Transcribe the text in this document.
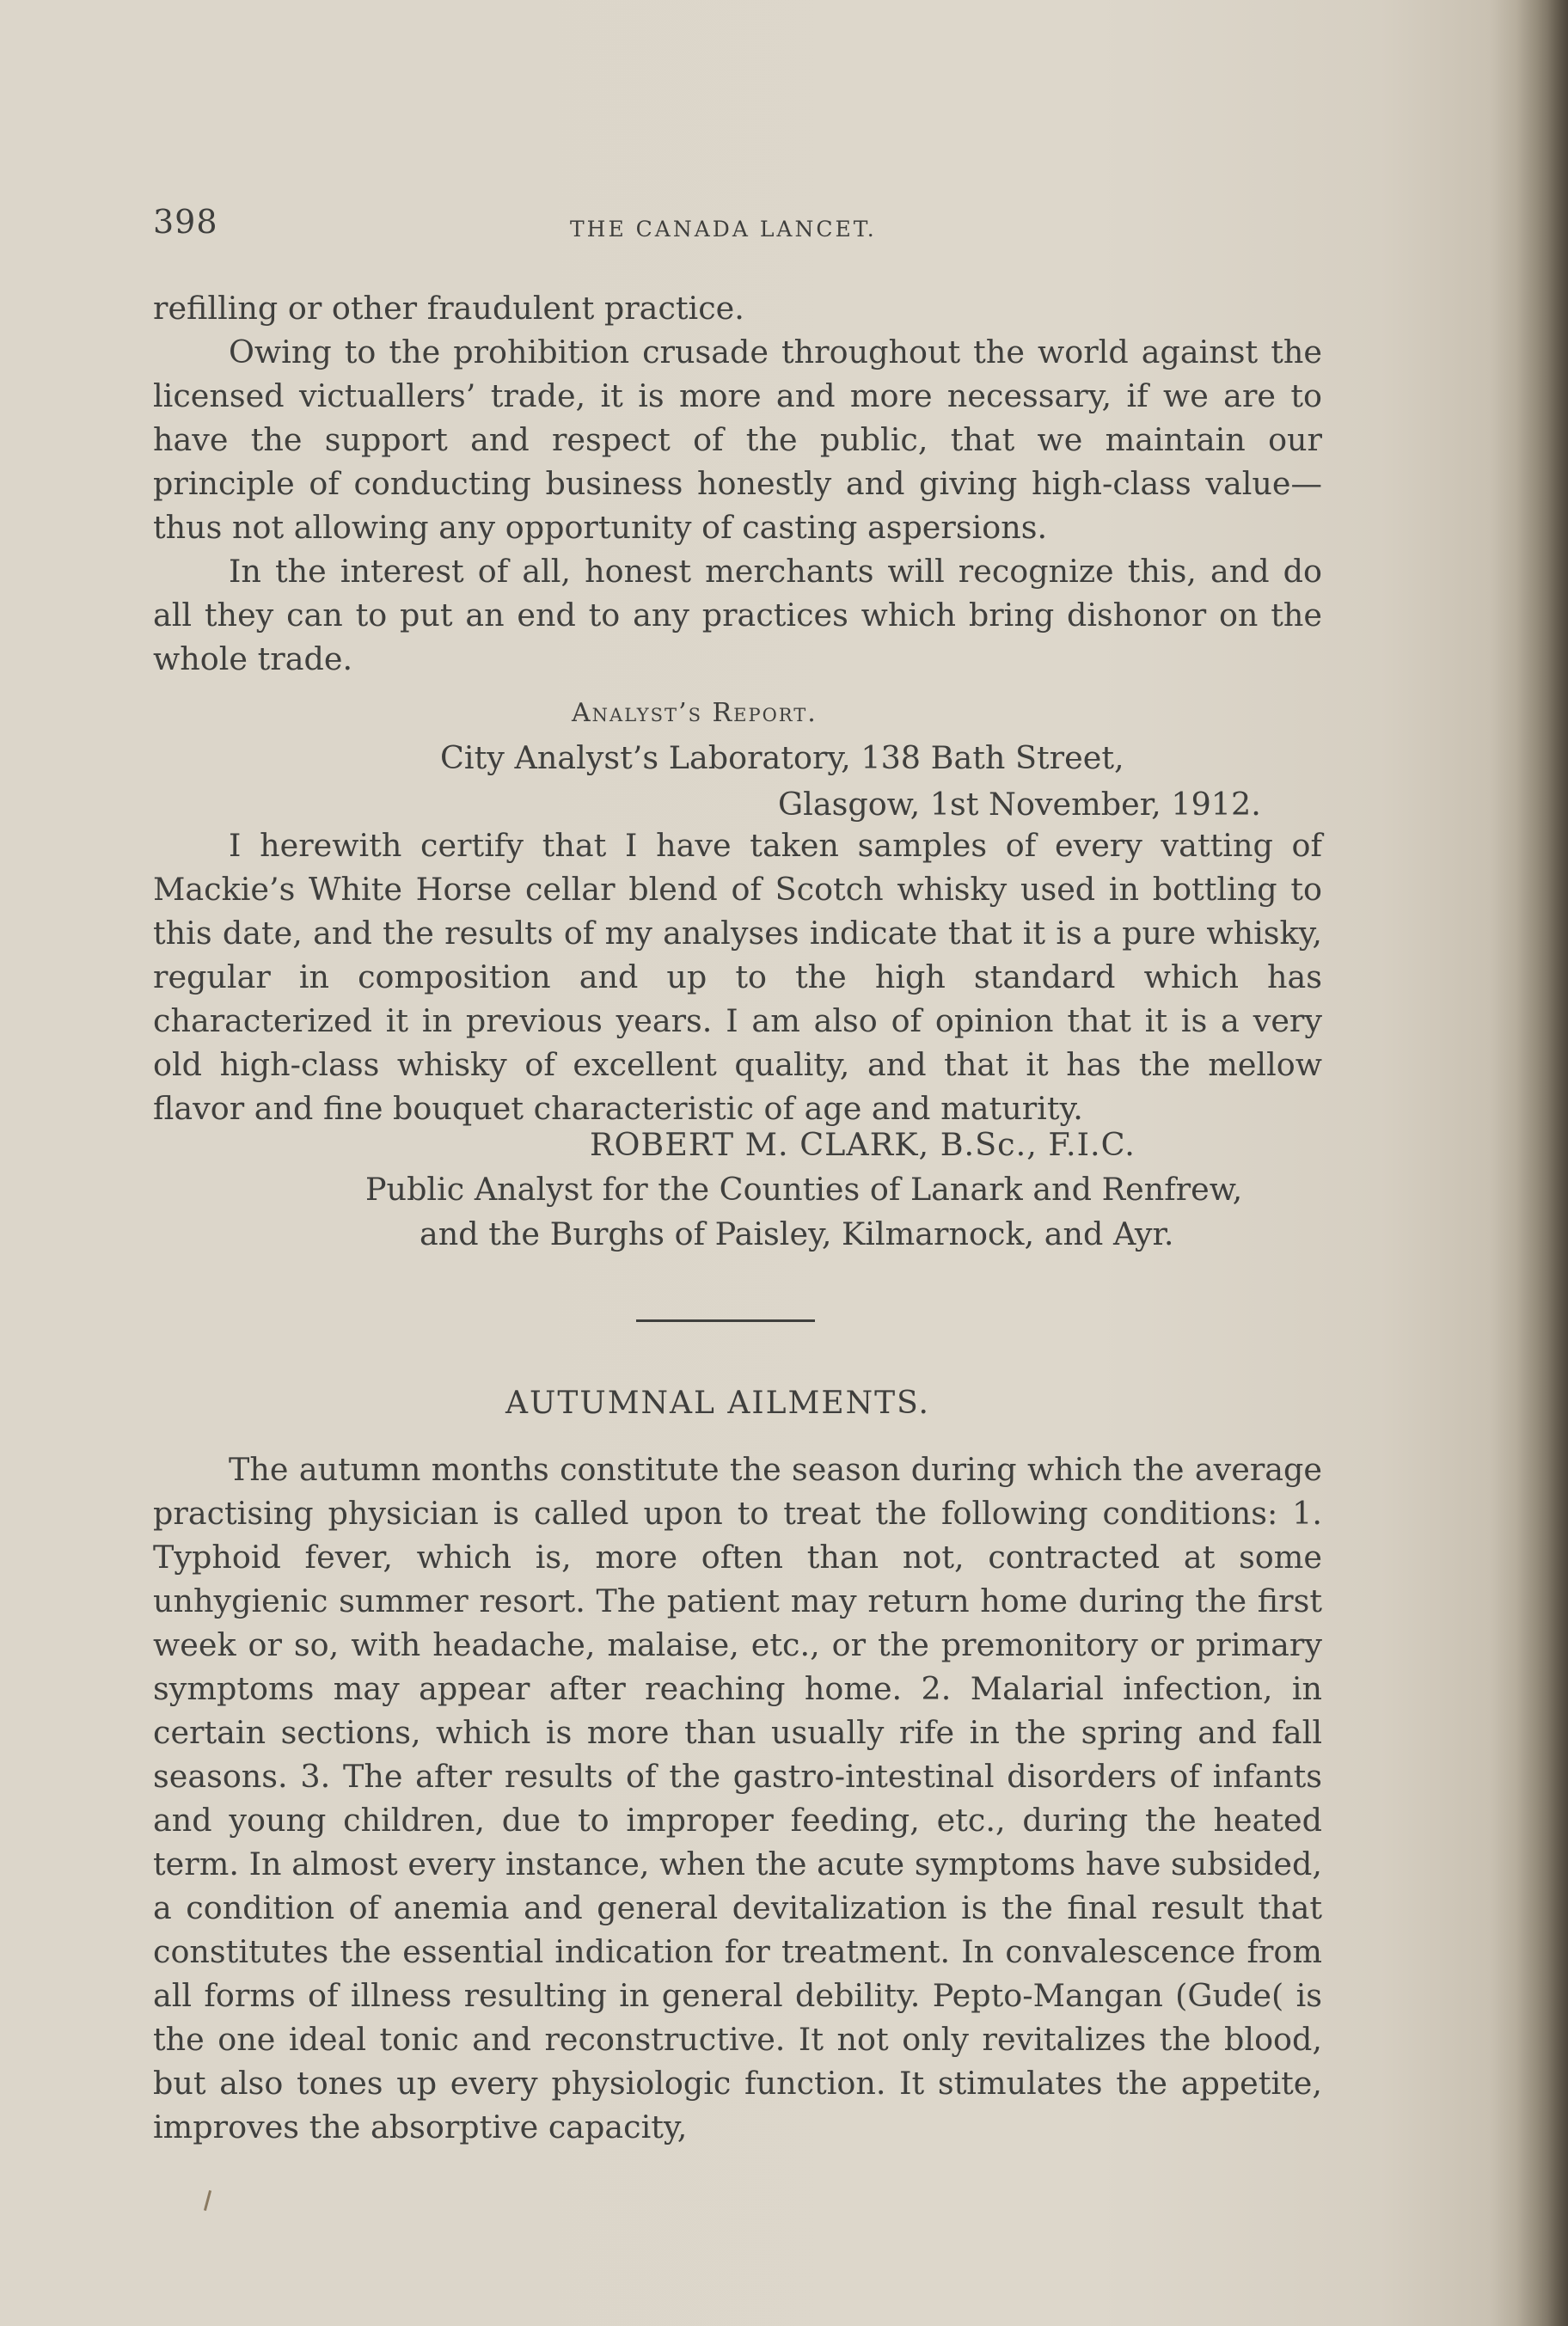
398	THE CANADA LANCET.

refilling or other fraudulent practice.

Owing to the prohibition crusade throughout the world against the licensed victuallers’ trade, it is more and more necessary, if we are to have the support and respect of the public, that we maintain our principle of conducting business honestly and giving high-class value—thus not allowing any opportunity of casting aspersions.

In the interest of all, honest merchants will recognize this, and do all they can to put an end to any practices which bring dishonor on the whole trade.

Analyst’s Report.
City Analyst’s Laboratory, 138 Bath Street,
Glasgow, 1st November, 1912.

I herewith certify that I have taken samples of every vatting of Mackie’s White Horse cellar blend of Scotch whisky used in bottling to this date, and the results of my analyses indicate that it is a pure whisky, regular in composition and up to the high standard which has characterized it in previous years. I am also of opinion that it is a very old high-class whisky of excellent quality, and that it has the mellow flavor and fine bouquet characteristic of age and maturity.

ROBERT M. CLARK, B.Sc., F.I.C.
Public Analyst for the Counties of Lanark and Renfrew,
and the Burghs of Paisley, Kilmarnock, and Ayr.
AUTUMNAL AILMENTS.

The autumn months constitute the season during which the average practising physician is called upon to treat the following conditions: 1. Typhoid fever, which is, more often than not, contracted at some unhygienic summer resort. The patient may return home during the first week or so, with headache, malaise, etc., or the premonitory or primary symptoms may appear after reaching home. 2. Malarial infection, in certain sections, which is more than usually rife in the spring and fall seasons. 3. The after results of the gastro-intestinal disorders of infants and young children, due to improper feeding, etc., during the heated term. In almost every instance, when the acute symptoms have subsided, a condition of anemia and general devitalization is the final result that constitutes the essential indication for treatment. In convalescence from all forms of illness resulting in general debility. Pepto-Mangan (Gude( is the one ideal tonic and reconstructive. It not only revitalizes the blood, but also tones up every physiologic function. It stimulates the appetite, improves the absorptive capacity,
